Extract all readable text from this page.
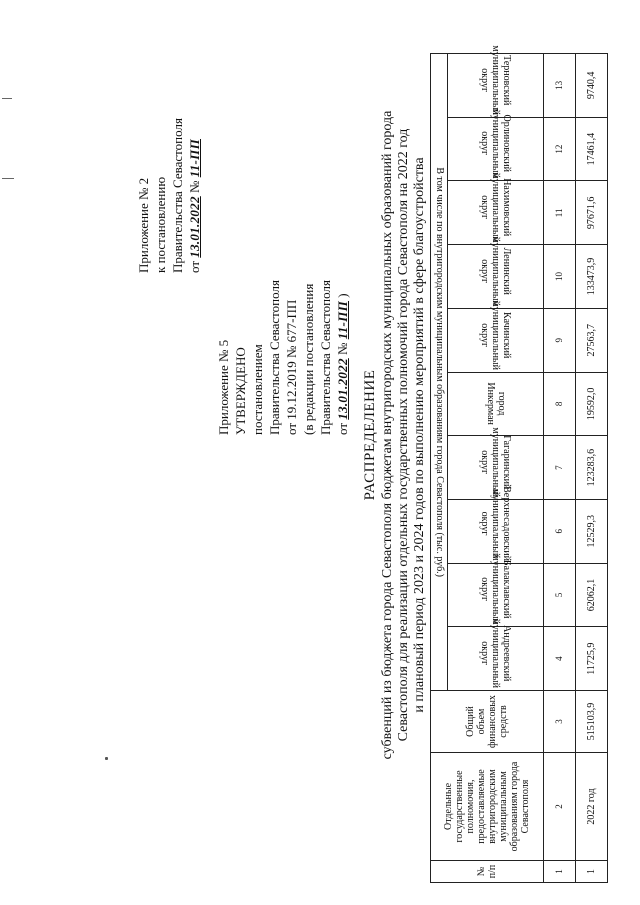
Приложение № 2 к постановлению Правительства Севастополя от 13.01.2022 № 11-ПП
Приложение № 5 УТВЕРЖДЕНО постановлением Правительства Севастополя от 19.12.2019 № 677-ПП (в редакции постановления Правительства Севастополя от 13.01.2022 № 11-ПП )
РАСПРЕДЕЛЕНИЕ субвенций из бюджета города Севастополя бюджетам внутригородских муниципальных образований города Севастополя для реализации отдельных государственных полномочий города Севастополя на 2022 год и плановый период 2023 и 2024 годов по выполнению мероприятий в сфере благоустройства
№ п/п	Отдельные государственные полномочия, предоставляемые внутригородским муниципальным образованиям города Севастополя	Общий объем финансовых средств	В том числе по внутригородским муниципальным образованиям города Севастополя (тыс. руб.)									
			Андреевский муниципальный округ	Балаклавский муниципальный округ	Верхнесадовский муниципальный округ	Гагаринский муниципальный округ	город Инкерман	Качинский муниципальный округ	Ленинский муниципальный округ	Нахимовский муниципальный округ	Орлиновский муниципальный округ	Терновский муниципальный округ
1	2	3	4	5	6	7	8	9	10	11	12	13
1	2022 год	515103,9	11725,9	62062,1	12529,3	123283,6	19592,0	27563,7	133473,9	97671,6	17461,4	9740,4
